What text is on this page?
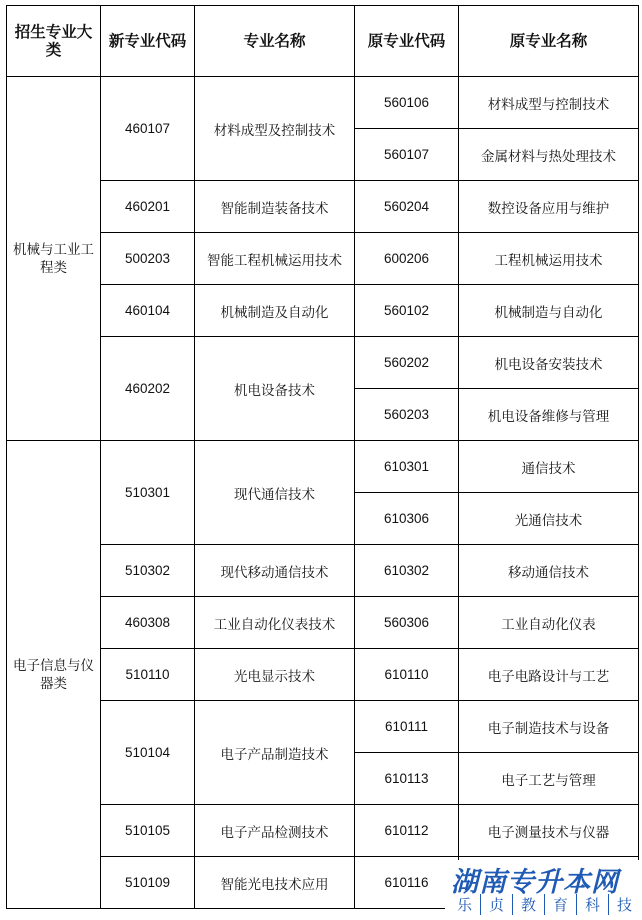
招生专业大类	新专业代码	专业名称	原专业代码	原专业名称
机械与工业工程类	460107	材料成型及控制技术	560106	材料成型与控制技术
			560107	金属材料与热处理技术
	460201	智能制造装备技术	560204	数控设备应用与维护
	500203	智能工程机械运用技术	600206	工程机械运用技术
	460104	机械制造及自动化	560102	机械制造与自动化
	460202	机电设备技术	560202	机电设备安装技术
			560203	机电设备维修与管理
电子信息与仪器类	510301	现代通信技术	610301	通信技术
			610306	光通信技术
	510302	现代移动通信技术	610302	移动通信技术
	460308	工业自动化仪表技术	560306	工业自动化仪表
	510110	光电显示技术	610110	电子电路设计与工艺
	510104	电子产品制造技术	610111	电子制造技术与设备
			610113	电子工艺与管理
	510105	电子产品检测技术	610112	电子测量技术与仪器
	510109	智能光电技术应用	610116	湖南专升本网
乐 贞 教 育 科 技
